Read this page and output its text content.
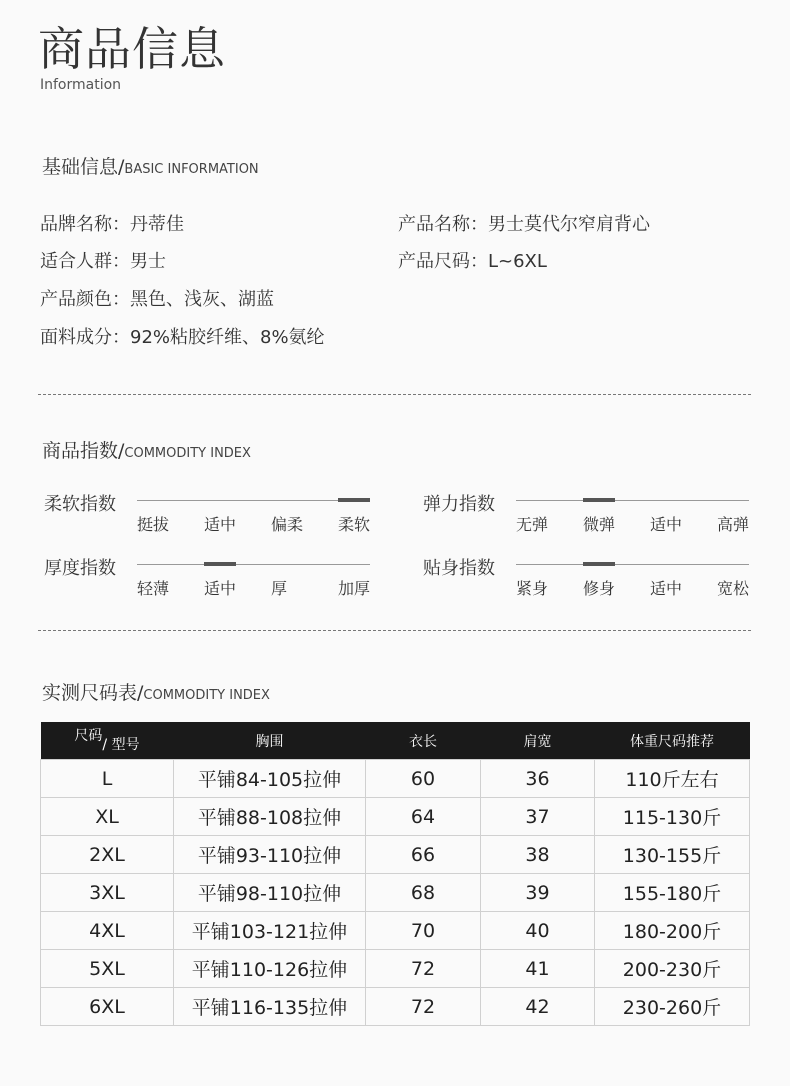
商品信息
Information
基础信息/BASIC INFORMATION
品牌名称：丹蒂佳	产品名称：男士莫代尔窄肩背心
适合人群：男士	产品尺码：L~6XL
产品颜色：黑色、浅灰、湖蓝
面料成分：92%粘胶纤维、8%氨纶
商品指数/COMMODITY INDEX
柔软指数
挺拔 适中 偏柔 柔软
弹力指数
无弹 微弹 适中 高弹
厚度指数
轻薄 适中 厚	加厚
贴身指数
紧身 修身 适中 宽松
实测尺码表/COMMODITY INDEX
尺码/ 型号	胸围	衣长	肩宽	体重尺码推荐
L	平铺84-105拉伸	60	36	110斤左右
XL	平铺88-108拉伸	64	37	115-130斤
2XL	平铺93-110拉伸	66	38	130-155斤
3XL	平铺98-110拉伸	68	39	155-180斤
4XL	平铺103-121拉伸	70	40	180-200斤
5XL	平铺110-126拉伸	72	41	200-230斤
6XL	平铺116-135拉伸	72	42	230-260斤
